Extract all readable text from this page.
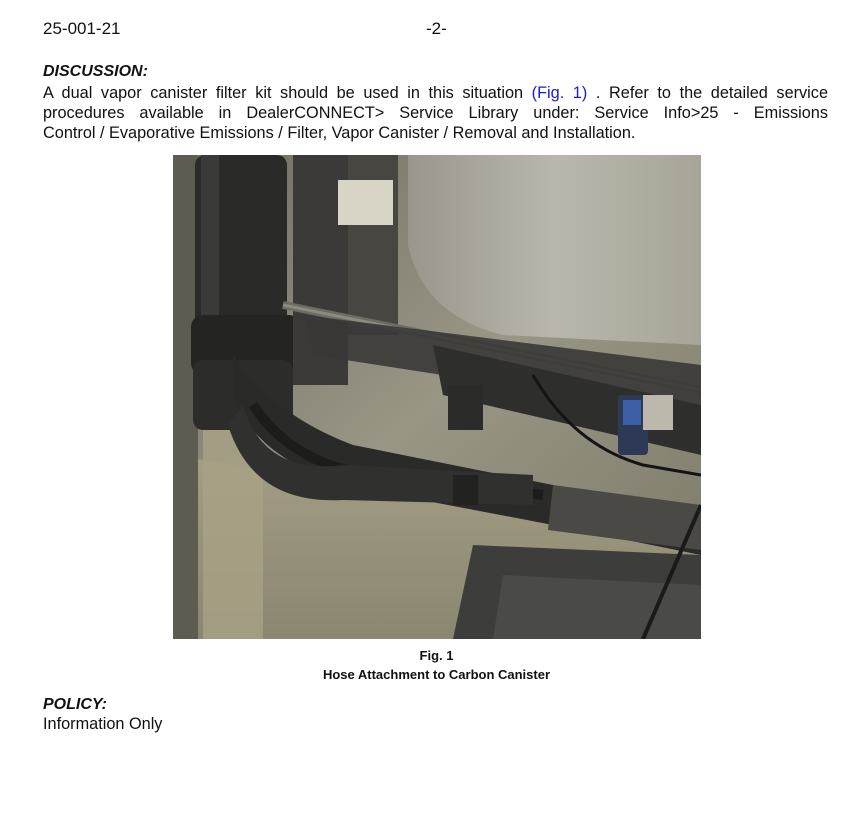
25-001-21	-2-
DISCUSSION:
A dual vapor canister filter kit should be used in this situation (Fig. 1) . Refer to the detailed service
procedures available in DealerCONNECT> Service Library under: Service Info>25 - Emissions
Control / Evaporative Emissions / Filter, Vapor Canister / Removal and Installation.
Fig. 1
Hose Attachment to Carbon Canister
POLICY:
Information Only
